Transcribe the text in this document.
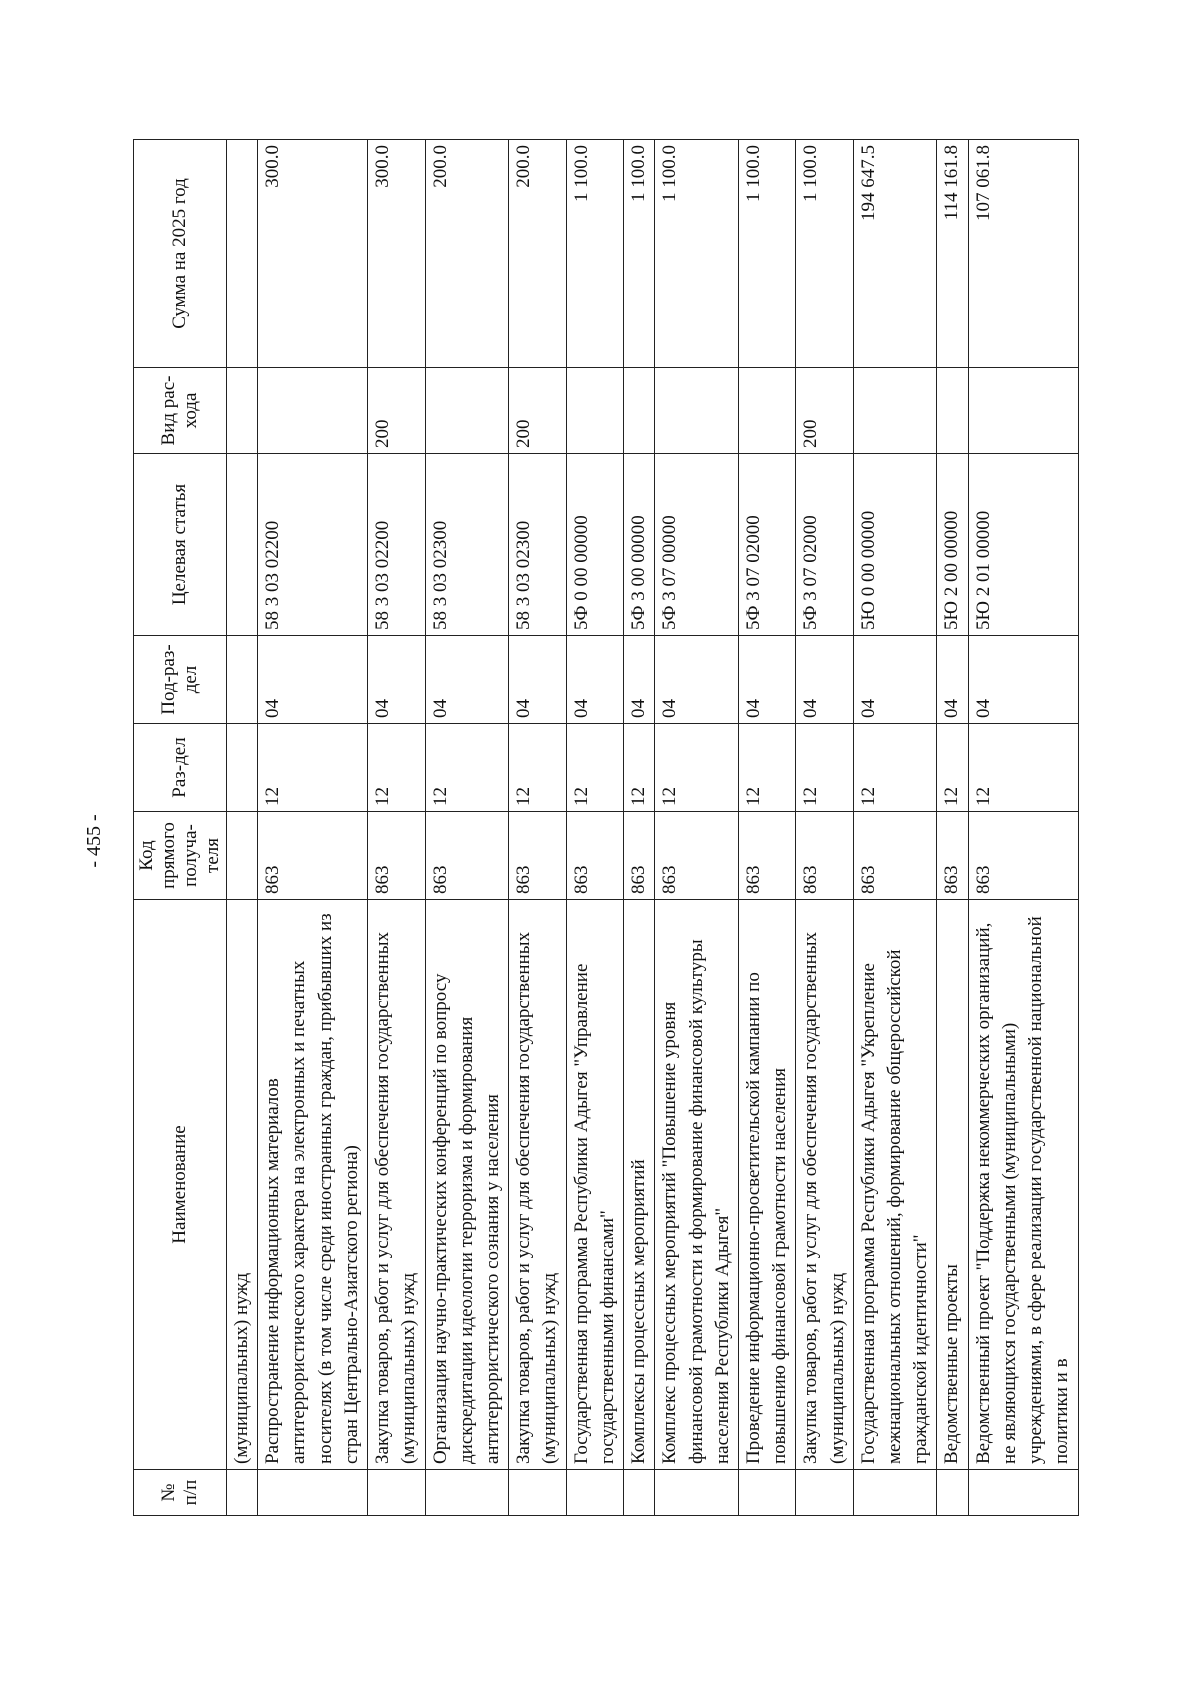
- 455 -
№ п/п	Наименование	Код прямого получа-теля	Раз-дел	Под-раз-дел	Целевая статья	Вид рас-хода	Сумма на 2025 год
	(муниципальных) нужд						
	Распространение информационных материалов антитеррористического характера на электронных и печатных носителях (в том числе среди иностранных граждан, прибывших из стран Центрально-Азиатского региона)	863	12	04	58 3 03 02200		300.0
	Закупка товаров, работ и услуг для обеспечения государственных (муниципальных) нужд	863	12	04	58 3 03 02200	200	300.0
	Организация научно-практических конференций по вопросу дискредитации идеологии терроризма и формирования антитеррористического сознания у населения	863	12	04	58 3 03 02300		200.0
	Закупка товаров, работ и услуг для обеспечения государственных (муниципальных) нужд	863	12	04	58 3 03 02300	200	200.0
	Государственная программа Республики Адыгея "Управление государственными финансами"	863	12	04	5Ф 0 00 00000		1 100.0
	Комплексы процессных мероприятий	863	12	04	5Ф 3 00 00000		1 100.0
	Комплекс процессных мероприятий "Повышение уровня финансовой грамотности и формирование финансовой культуры населения Республики Адыгея"	863	12	04	5Ф 3 07 00000		1 100.0
	Проведение информационно-просветительской кампании по повышению финансовой грамотности населения	863	12	04	5Ф 3 07 02000		1 100.0
	Закупка товаров, работ и услуг для обеспечения государственных (муниципальных) нужд	863	12	04	5Ф 3 07 02000	200	1 100.0
	Государственная программа Республики Адыгея "Укрепление межнациональных отношений, формирование общероссийской гражданской идентичности"	863	12	04	5Ю 0 00 00000		194 647.5
	Ведомственные проекты	863	12	04	5Ю 2 00 00000		114 161.8
	Ведомственный проект "Поддержка некоммерческих организаций, не являющихся государственными (муниципальными) учреждениями, в сфере реализации государственной национальной политики и в	863	12	04	5Ю 2 01 00000		107 061.8
